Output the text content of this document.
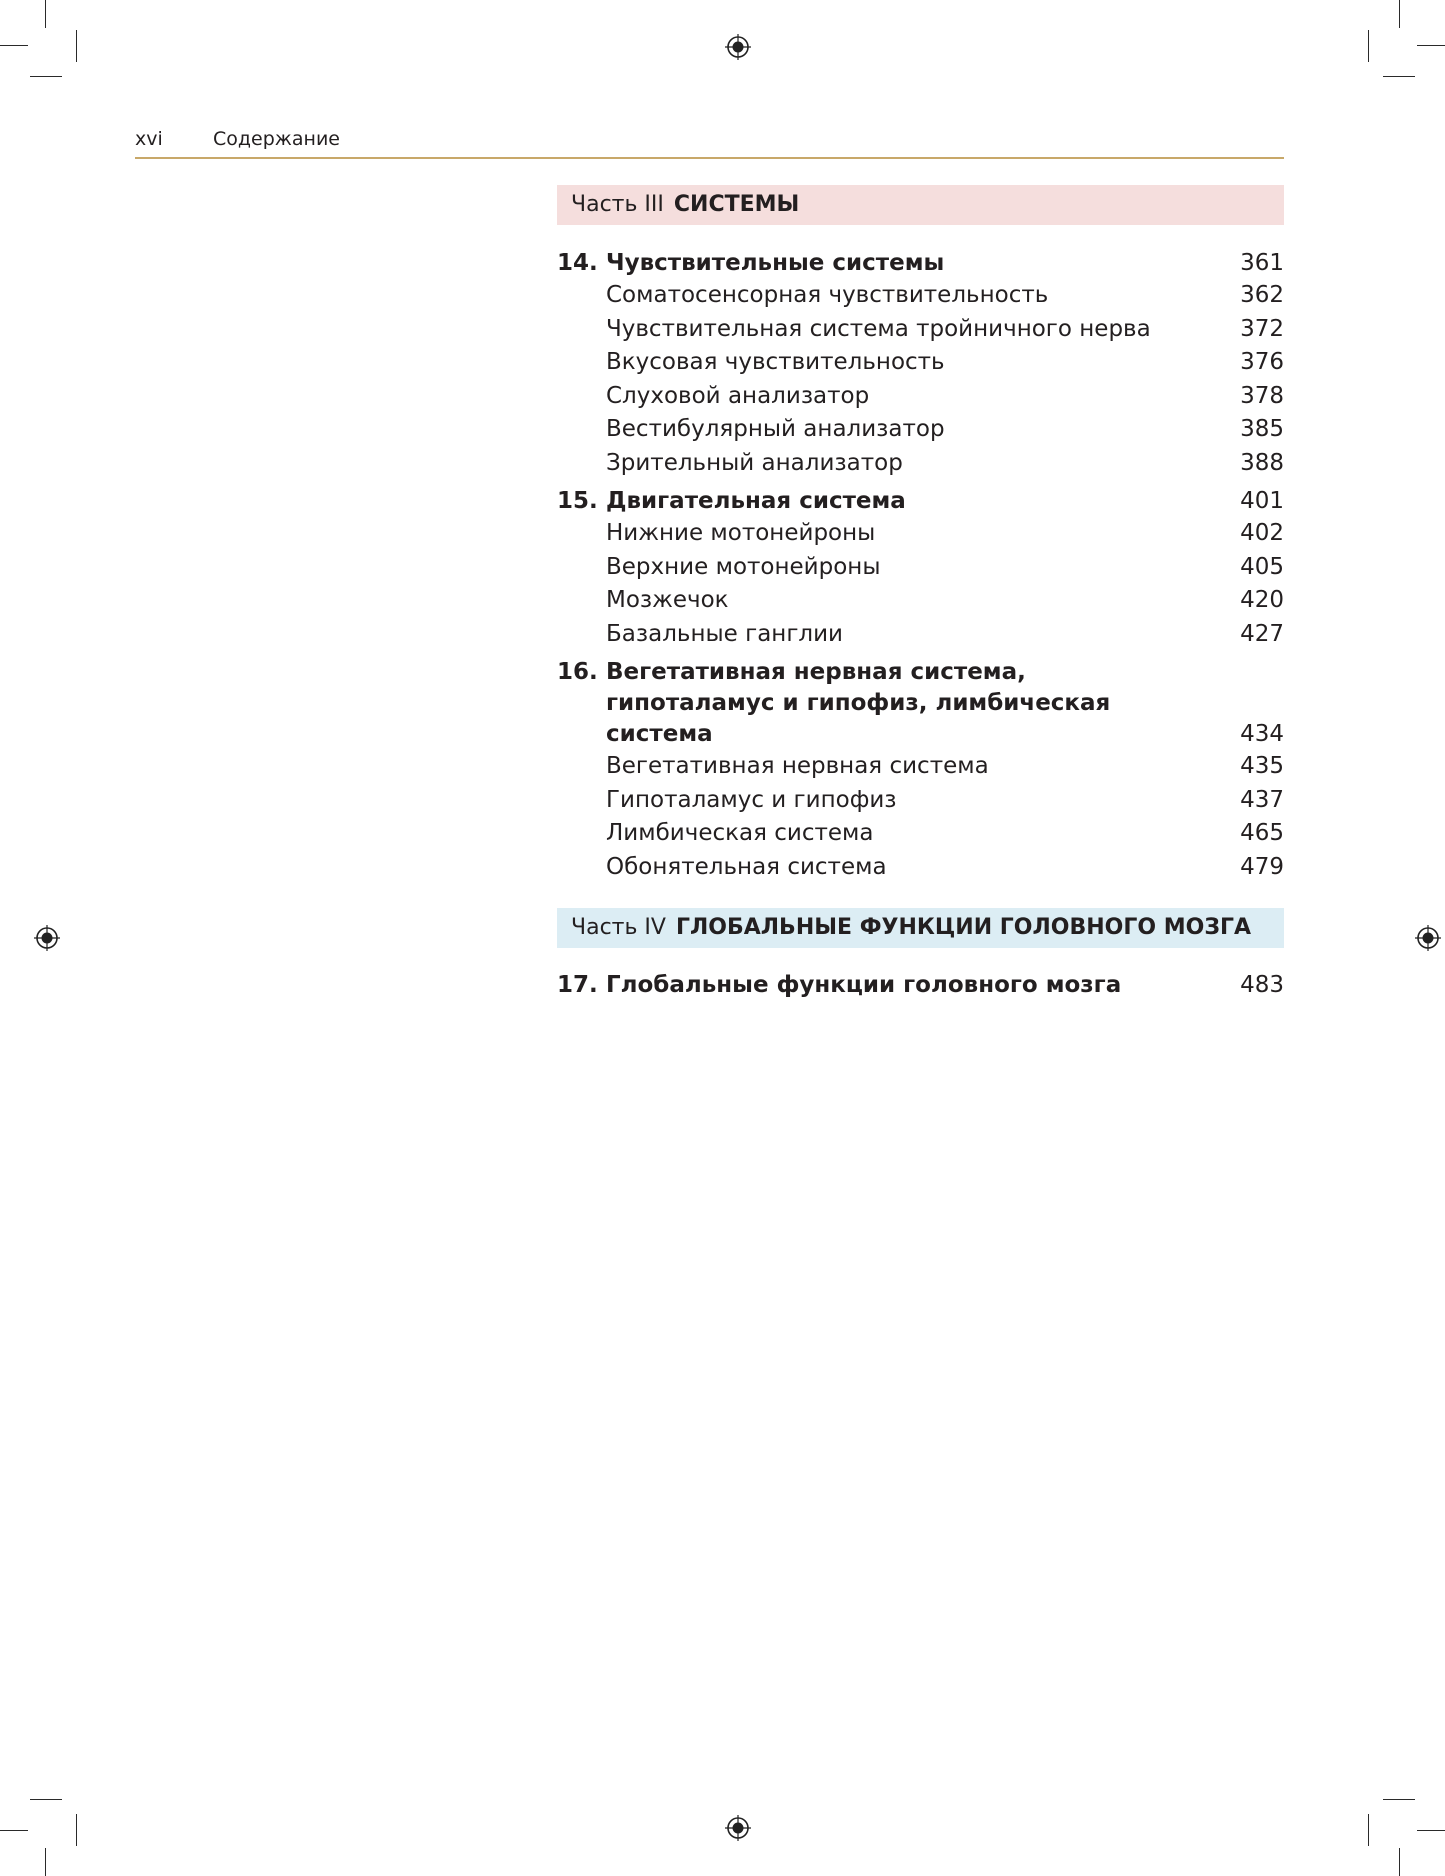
xvi	Содержание
Часть III СИСТЕМЫ
14. Чувствительные системы	361
Соматосенсорная чувствительность	362
Чувствительная система тройничного нерва	372
Вкусовая чувствительность	376
Слуховой анализатор	378
Вестибулярный анализатор	385
Зрительный анализатор	388
15. Двигательная система	401
Нижние мотонейроны	402
Верхние мотонейроны	405
Мозжечок	420
Базальные ганглии	427
16. Вегетативная нервная система, гипоталамус и гипофиз, лимбическая система	434
Вегетативная нервная система	435
Гипоталамус и гипофиз	437
Лимбическая система	465
Обонятельная система	479
Часть IV ГЛОБАЛЬНЫЕ ФУНКЦИИ ГОЛОВНОГО МОЗГА
17. Глобальные функции головного мозга	483
